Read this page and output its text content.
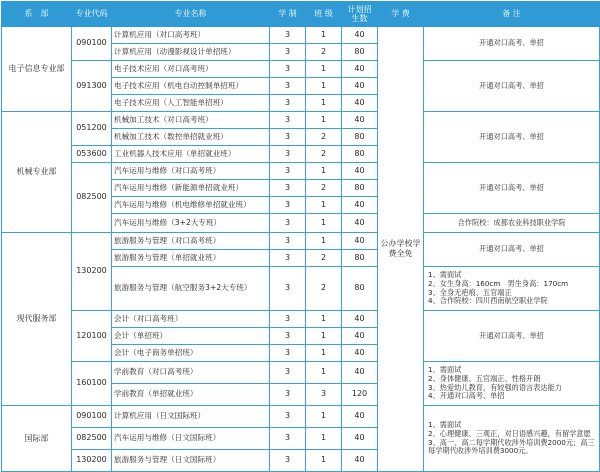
系　部	专业代码	专业名称	学 制	班 级	计划招生数	学 费	备 注
电子信息专业部	090100	计算机应用（对口高考班）	3	1	40	公办学校学费全免	开通对口高考、单招
		计算机应用（动漫影视设计单招班）	3	2	80		
	091300	电子技术应用（对口高考班）	3	1	40		开通对口高考、单招
		电子技术应用（机电自动控制单招班）	3	1	40		
		电子技术应用（人工智能单招班）	3	1	40		
机械专业部	051200	机械加工技术（对口高考班）	3	1	40		开通对口高考、单招
		机械加工技术（数控单招就业班）	3	2	80		
	053600	工业机器人技术应用（单招就业班）	3	2	80		
	082500	汽车运用与维修（对口高考班）	3	1	40		开通对口高考、单招
		汽车运用与维修（新能源单招就业班）	3	2	80		
		汽车运用与维修（机电维修单招就业班）	3	1	40		
		汽车运用与维修（3+2大专班）	3	1	40		合作院校：成都农业科技职业学院
现代服务部	130200	旅游服务与管理（对口高考班）	3	1	40		开通对口高考、单招
		旅游服务与管理（单招就业班）	3	2	80		
		旅游服务与管理（航空服务3+2大专班）	3	2	80		1、需面试
2、女生身高：160cm　男生身高：170cm
3、全身无疤痕、五官端正
4、合作院校：四川西南航空职业学院

	120100	会计（对口高考班）	3	1	40		开通对口高考、单招
		会计（单招班）	3	1	40		
		会计（电子商务单招班）	3	1	40		
	160100	学前教育（对口高考班）	3	1	40		1、需面试
2、身体健康、五官端正、性格开朗
3、热爱幼儿教育，有较强的语言表达能力
4、开通对口高考、单招

		学前教育（单招就业班）	3	3	120		
国际部	090100	计算机应用（日文国际班）	3	1	40		1、需面试
2、心理健康、三观正，对日语感兴趣，有留学意愿
3、高一、高二每学期代收涉外培训费2000元；高三每学期代收涉外培训费3000元。

	082500	汽车运用与维修（日文国际班）	3	1	40		
	130200	旅游服务与管理（日文国际班）	3	1	40		
